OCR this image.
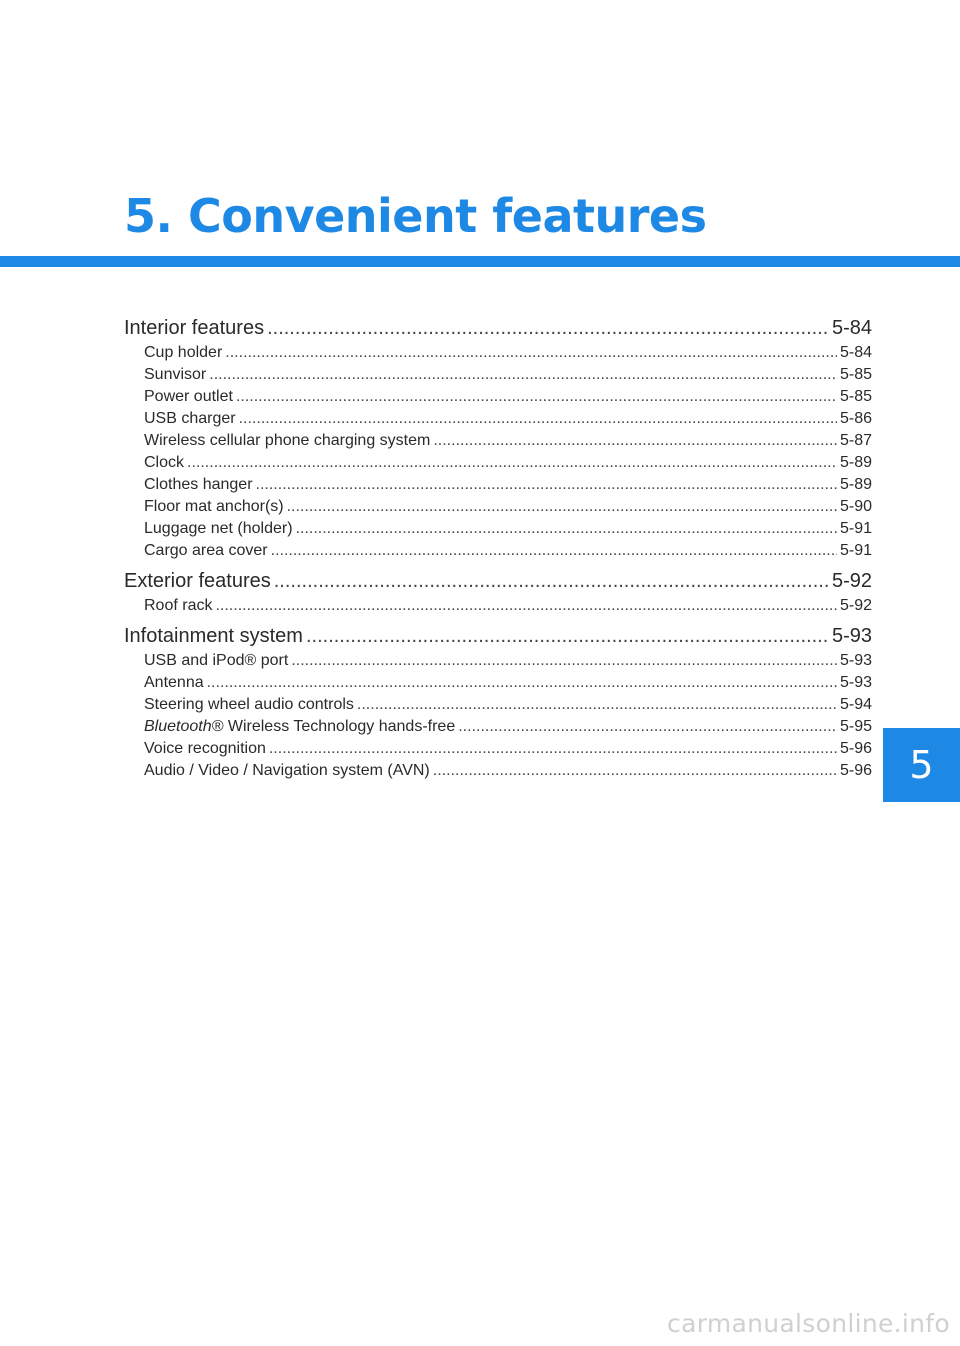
5. Convenient features
Interior features .....	5-84
Cup holder .....	5-84
Sunvisor .....	5-85
Power outlet .....	5-85
USB charger .....	5-86
Wireless cellular phone charging system .....	5-87
Clock .....	5-89
Clothes hanger .....	5-89
Floor mat anchor(s) .....	5-90
Luggage net (holder) .....	5-91
Cargo area cover .....	5-91
Exterior features .....	5-92
Roof rack .....	5-92
Infotainment system .....	5-93
USB and iPod® port .....	5-93
Antenna .....	5-93
Steering wheel audio controls .....	5-94
Bluetooth® Wireless Technology hands-free .....	5-95
Voice recognition .....	5-96
Audio / Video / Navigation system (AVN) .....	5-96 5
carmanualsonline.info
